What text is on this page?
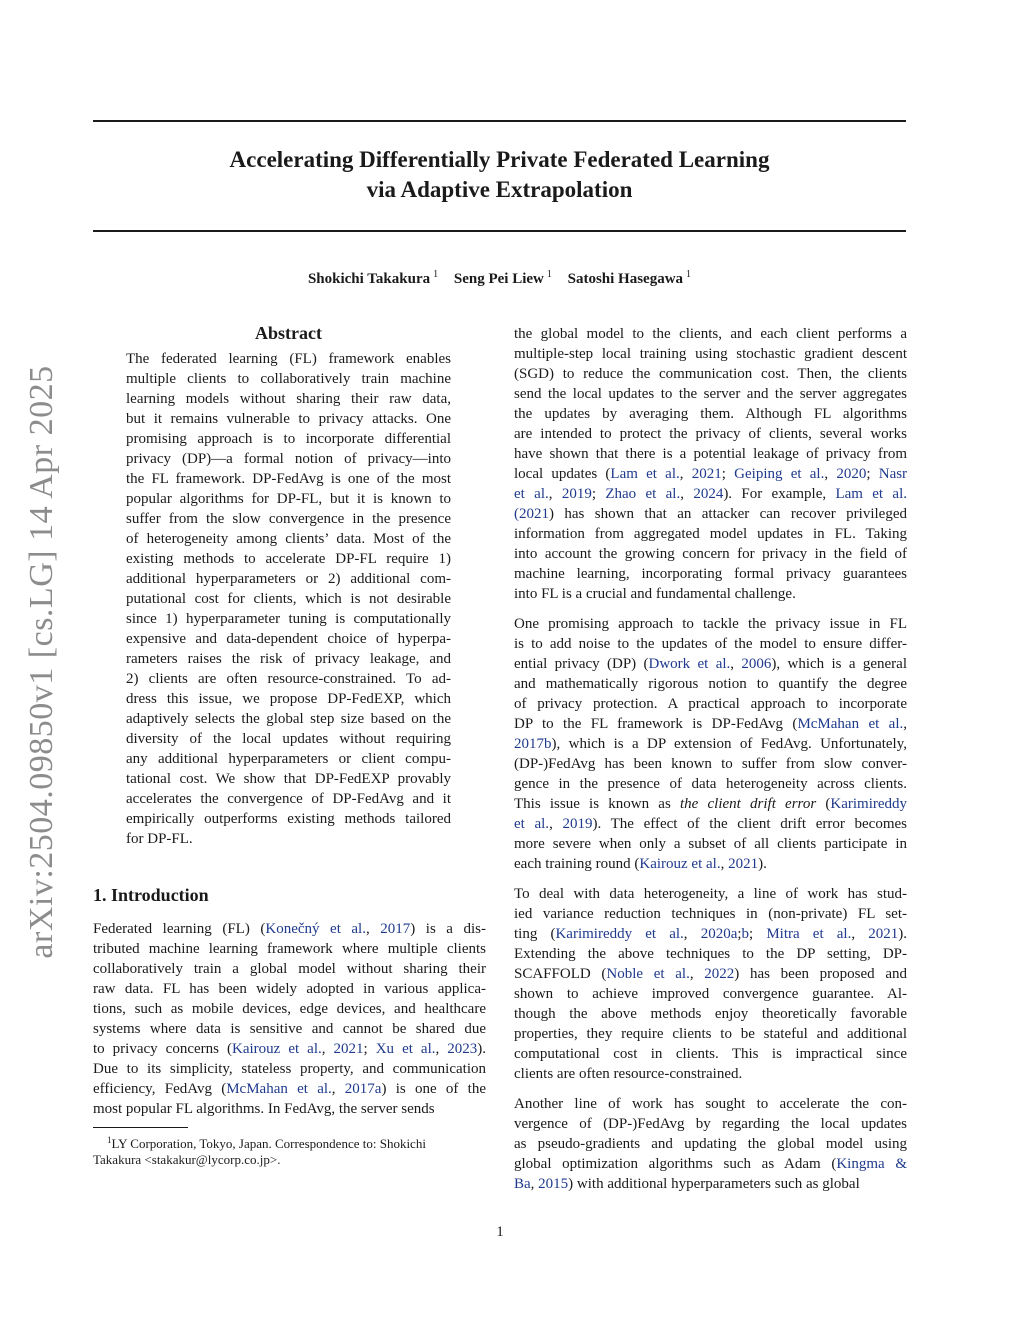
Accelerating Differentially Private Federated Learning
via Adaptive Extrapolation
Shokichi Takakura $^1$ Seng Pei Liew $^1$ Satoshi Hasegawa $^1$
arXiv:2504.09850v1 [cs.LG] 14 Apr 2025
Abstract
The federated learning (FL) framework enables
multiple clients to collaboratively train machine
learning models without sharing their raw data,
but it remains vulnerable to privacy attacks. One
promising approach is to incorporate differential
privacy (DP)—a formal notion of privacy—into
the FL framework. DP-FedAvg is one of the most
popular algorithms for DP-FL, but it is known to
suffer from the slow convergence in the presence
of heterogeneity among clients’ data. Most of the
existing methods to accelerate DP-FL require 1)
additional hyperparameters or 2) additional com-
putational cost for clients, which is not desirable
since 1) hyperparameter tuning is computationally
expensive and data-dependent choice of hyperpa-
rameters raises the risk of privacy leakage, and
2) clients are often resource-constrained. To ad-
dress this issue, we propose DP-FedEXP, which
adaptively selects the global step size based on the
diversity of the local updates without requiring
any additional hyperparameters or client compu-
tational cost. We show that DP-FedEXP provably
accelerates the convergence of DP-FedAvg and it
empirically outperforms existing methods tailored
for DP-FL.
1. Introduction
Federated learning (FL) (Konečný et al., 2017) is a dis-
tributed machine learning framework where multiple clients
collaboratively train a global model without sharing their
raw data. FL has been widely adopted in various applica-
tions, such as mobile devices, edge devices, and healthcare
systems where data is sensitive and cannot be shared due
to privacy concerns (Kairouz et al., 2021; Xu et al., 2023).
Due to its simplicity, stateless property, and communication
efficiency, FedAvg (McMahan et al., 2017a) is one of the
most popular FL algorithms. In FedAvg, the server sends
$^1$LY Corporation, Tokyo, Japan. Correspondence to: Shokichi
Takakura <stakakur@lycorp.co.jp>.
the global model to the clients, and each client performs a
multiple-step local training using stochastic gradient descent
(SGD) to reduce the communication cost. Then, the clients
send the local updates to the server and the server aggregates
the updates by averaging them. Although FL algorithms
are intended to protect the privacy of clients, several works
have shown that there is a potential leakage of privacy from
local updates (Lam et al., 2021; Geiping et al., 2020; Nasr
et al., 2019; Zhao et al., 2024). For example, Lam et al.
(2021) has shown that an attacker can recover privileged
information from aggregated model updates in FL. Taking
into account the growing concern for privacy in the field of
machine learning, incorporating formal privacy guarantees
into FL is a crucial and fundamental challenge.
One promising approach to tackle the privacy issue in FL
is to add noise to the updates of the model to ensure differ-
ential privacy (DP) (Dwork et al., 2006), which is a general
and mathematically rigorous notion to quantify the degree
of privacy protection. A practical approach to incorporate
DP to the FL framework is DP-FedAvg (McMahan et al.,
2017b), which is a DP extension of FedAvg. Unfortunately,
(DP-)FedAvg has been known to suffer from slow conver-
gence in the presence of data heterogeneity across clients.
This issue is known as the client drift error (Karimireddy
et al., 2019). The effect of the client drift error becomes
more severe when only a subset of all clients participate in
each training round (Kairouz et al., 2021).
To deal with data heterogeneity, a line of work has stud-
ied variance reduction techniques in (non-private) FL set-
ting (Karimireddy et al., 2020a;b; Mitra et al., 2021).
Extending the above techniques to the DP setting, DP-
SCAFFOLD (Noble et al., 2022) has been proposed and
shown to achieve improved convergence guarantee. Al-
though the above methods enjoy theoretically favorable
properties, they require clients to be stateful and additional
computational cost in clients. This is impractical since
clients are often resource-constrained.
Another line of work has sought to accelerate the con-
vergence of (DP-)FedAvg by regarding the local updates
as pseudo-gradients and updating the global model using
global optimization algorithms such as Adam (Kingma &
Ba, 2015) with additional hyperparameters such as global
1
